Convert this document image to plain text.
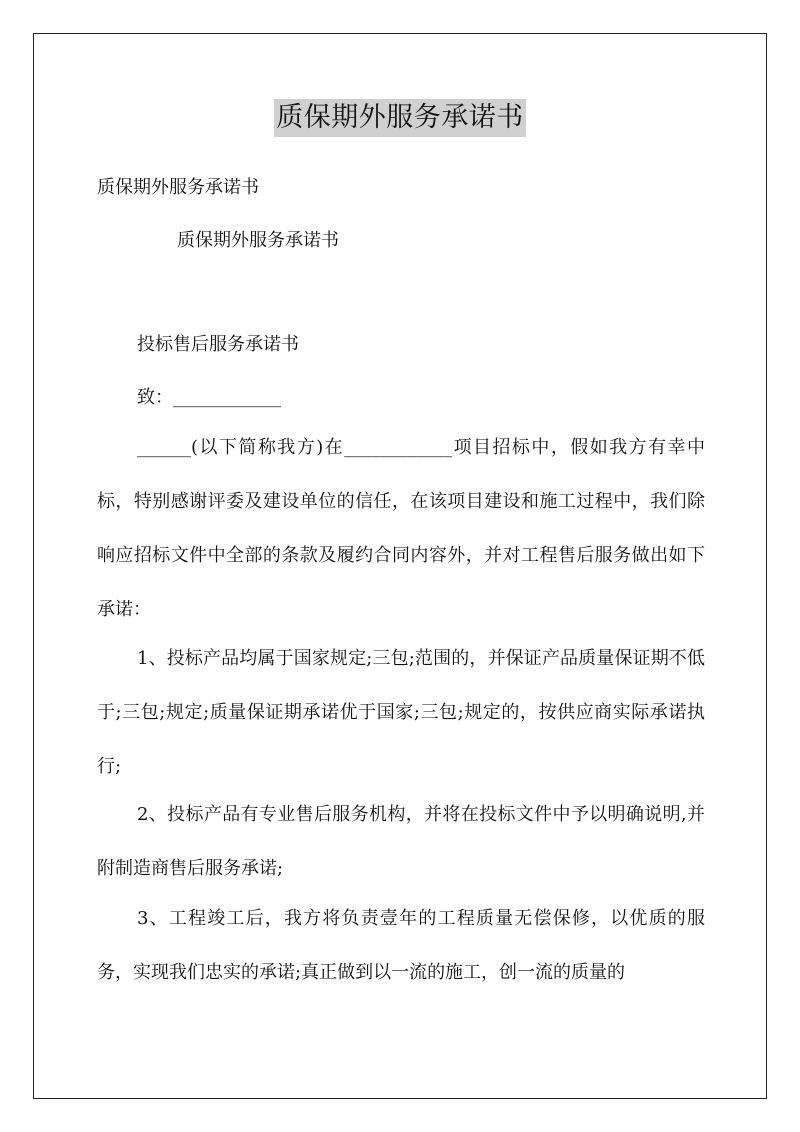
质保期外服务承诺书
质保期外服务承诺书
质保期外服务承诺书
投标售后服务承诺书
致：____________

______(以下简称我方)在____________项目招标中，假如我方有幸中标，特别感谢评委及建设单位的信任，在该项目建设和施工过程中，我们除响应招标文件中全部的条款及履约合同内容外，并对工程售后服务做出如下承诺：

1、投标产品均属于国家规定;三包;范围的，并保证产品质量保证期不低于;三包;规定;质量保证期承诺优于国家;三包;规定的，按供应商实际承诺执行;

2、投标产品有专业售后服务机构，并将在投标文件中予以明确说明,并附制造商售后服务承诺;

3、工程竣工后，我方将负责壹年的工程质量无偿保修，以优质的服务，实现我们忠实的承诺;真正做到以一流的施工，创一流的质量的
